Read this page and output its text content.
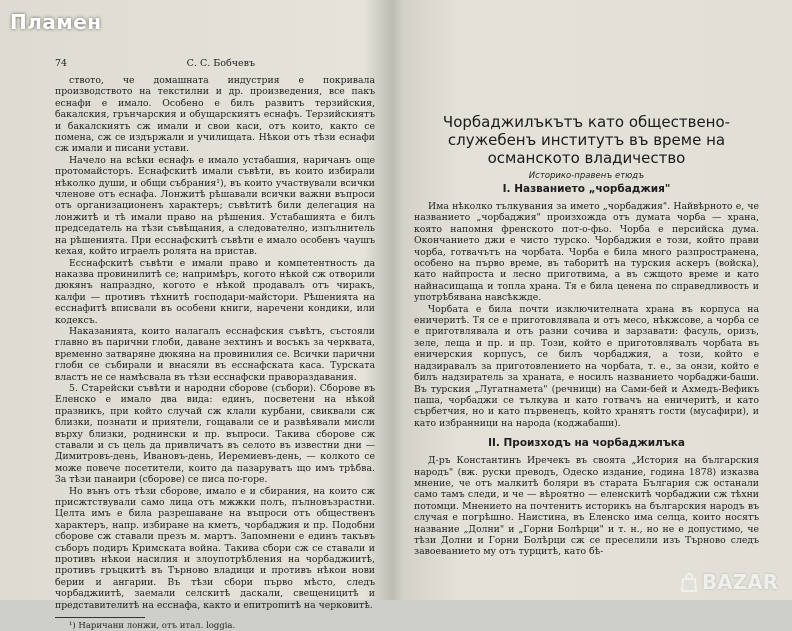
Пламен
74	С. С. Бобчевъ

ството, че домашната индустрия е покривала производството на текстилни и др. произведения, все пакъ еснафи е имало. Особено е билъ развитъ терзийския, бакалския, грънчарския и обущарскиятъ еснафъ. Терзийскиятъ и бакалскиятъ сж имали и свои каси, отъ които, както се помена, сж се издържали и училищата. Нѣкои отъ тѣзи еснафи сж имали и писани устави.

Начело на всѣки еснафъ е имало устабашия, наричанъ още протомайсторъ. Еснафскитѣ имали съвѣти, въ които избирали нѣколко души, и общи събрания¹), въ които участвували всички членове отъ еснафа. Лонжитѣ рѣшавали всички важни въпроси отъ организационенъ характеръ; съвѣтитѣ били делегация на лонжитѣ и тѣ имали право на рѣшения. Устабашията е билъ председатель на тѣзи съвѣщания, а следователно, изпълнитель на рѣшенията. При есснафскитѣ съвѣти е имало особенъ чаушъ кехая, който играелъ ролята на пристав.

Есснафскитѣ съвѣти е имали право и компетентность да наказва провинилитѣ се; напримѣръ, когото нѣкой сж отворили дюкянъ напраздно, когото е нѣкой продавалъ отъ чиракъ, калфи — противъ тѣхнитѣ господари-майстори. Рѣшенията на есснафитѣ вписвали въ особени книги, наречени кондики, или кодексъ.

Наказанията, които налагалъ есснафския съвѣтъ, състояли главно въ парични глоби, даване зехтинъ и восъкъ за черквата, временно затваряне дюкяна на провинилия се. Всички парични глоби се събирали и внасяли въ есснафската каса. Турската властъ не се намѣсвала въ тѣзи есснафски правораздавания.

5. Старейски съвѣти и народни сборове (събори). Сборове въ Еленско е имало два вида: единъ, посветени на нѣкой празникъ, при който случай сж клали курбани, свиквали сж близки, познати и приятели, гощавали се и развѣявали мисли върху близки, роднински и пр. въпроси. Такива сборове сж ставали и съ цель да привличатъ въ селото въ известни дни — Димитровъ-день, Ивановъ-день, Иеремиевъ-день, — колкото се може повече посетители, които да пазаруватъ що имъ трѣбва. За тѣзи панаири (сборове) се писа по-горе.

Но вънъ отъ тѣзи сборове, имало е и сбирания, на които сж присжтствували само лица отъ мжжки полъ, пълновъзрастни. Целта имъ е била разрешаване на въпроси отъ общественъ характеръ, напр. избиране на кметъ, чорбаджия и пр. Подобни сборове сж ставали презъ м. мартъ. Запомнени е единъ такъвъ съборъ подиръ Кримската война. Такива сбори сж се ставали и противъ нѣкои насилия и злоупотрѣбления на чорбаджиитѣ, противъ гръцкитѣ въ Търново владици и противъ нѣкои нови берии и ангарии. Въ тѣзи сбори първо мѣсто, следъ чорбаджиитѣ, заемали селскитѣ даскали, свещеницитѣ и представителитѣ на есснафа, както и епитропитѣ на черковитѣ.

¹) Наричани лонжи, отъ итал. loggia.
Чорбаджилъкътъ като обществено-
служебенъ институтъ въ време на
османското владичество
Историко-правенъ етюдъ
I. Названието „чорбаджия"

Има нѣколко тълкувания за името „чорбаджия". Найвѣрното е, че названието „чорбаджия" произхожда отъ думата чорба — храна, която напомня френското пот-о-фьо. Чорба е персийска дума. Окончанието джи е чисто турско. Чорбаджия е този, който прави чорба, готвачътъ на чорбата. Чорба е била много разпространена, особено на първо време, въ таборитѣ на турския аскеръ (войска), като найпроста и лесно приготвима, а въ сжщото време и като найнасищаща и топла храна. Тя е била ценена по справедливость и употрѣбявана навсѣкжде.

Чорбата е била почти изключителната храна въ корпуса на еничеритѣ. Тя се е приготовлявала и отъ месо, нѣкжсове, а чорба се е приготвлявала и отъ разни сочива и зарзавати: фасуль, оризъ, зеле, леща и пр. и пр. Този, който е приготовлявалъ чорбата въ еничерския корпусъ, се билъ чорбаджия, а този, който е надзиравалъ за приготовлението на чорбата, т. е., за онзи, който е билъ надзиратель за храната, е носилъ названието чорбаджи-баши. Въ турския „Лугатнамета" (речници) на Сами-бей и Ахмедъ-Вефикъ паша, чорбаджи се тълкува и като готвачъ на еничеритѣ, и като сърбетчия, но и като първенецъ, който хранятъ гости (мусафири), и като избранници на народа (коджабаши).

II. Произходъ на чорбаджилъка

Д-ръ Константинъ Иречекъ въ своята „История на българския народъ" (вж. руски преводъ, Одеско издание, година 1878) изказва мнение, че отъ малкитѣ боляри въ старата България сж останали само тамъ следи, и че — вѣроятно — еленскитѣ чорбаджии сж тѣхни потомци. Мнението на почтенитъ историкъ на българския народъ въ случая е погрѣшно. Наистина, въ Еленско има селца, които носятъ название „Долни" и „Горни Болѣрци" и т. н., но не е допустимо, че тѣзи Долни и Горни Болѣрци сж се преселили изъ Търново следъ завоеванието му отъ турцитѣ, като бѣ-

BAZAR
